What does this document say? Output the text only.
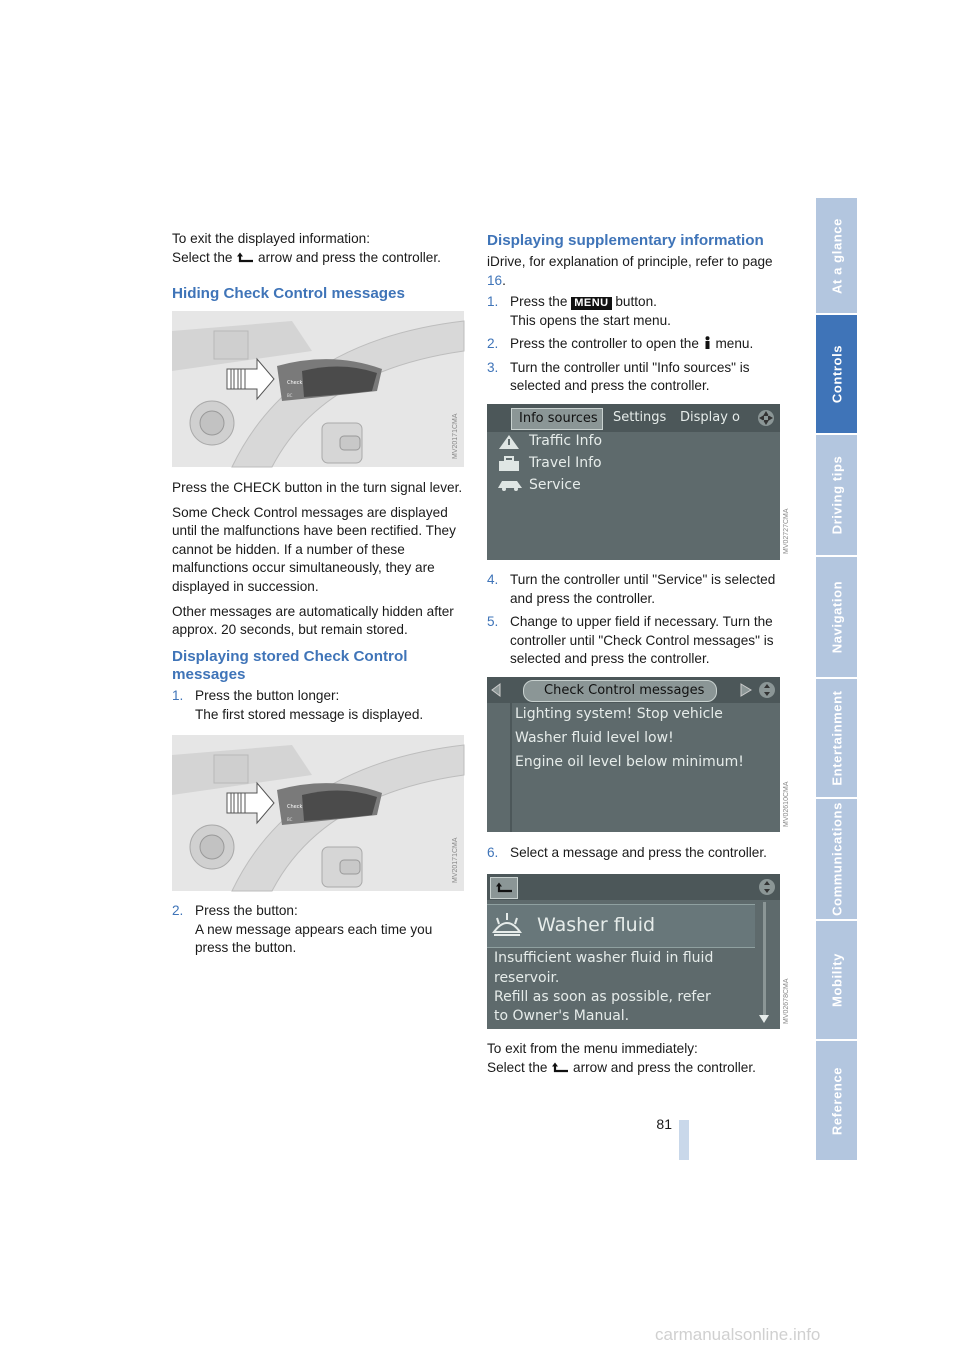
At a glance
Controls
Driving tips
Navigation
Entertainment
Communications
Mobility
Reference

To exit the displayed information:
Select the arrow and press the controller.

Hiding Check Control messages
Check
BC
MV20171CMA

Press the CHECK button in the turn signal lever.

Some Check Control messages are displayed until the malfunctions have been rectified. They cannot be hidden. If a number of these malfunctions occur simultaneously, they are displayed in succession.

Other messages are automatically hidden after approx. 20 seconds, but remain stored.

Displaying stored Check Control messages

1. Press the button longer:

The first stored message is displayed.

Check
BC
MV20171CMA

2. Press the button:

A new message appears each time you press the button.

Displaying supplementary information

iDrive, for explanation of principle, refer to page 16.

1. Press the MENU button.

This opens the start menu.

2. Press the controller to open the menu.

3. Turn the controller until "Info sources" is selected and press the controller.

Info sources Settings Display o
Traffic Info
Travel Info
Service
MV02727CMA

4. Turn the controller until "Service" is selected and press the controller.

5. Change to upper field if necessary. Turn the controller until "Check Control messages" is selected and press the controller.

Check Control messages
Lighting system! Stop vehicle
Washer fluid level low!
Engine oil level below minimum!
MV02610CMA

6. Select a message and press the controller.

Washer fluid
Insufficient washer fluid in fluid
reservoir.
Refill as soon as possible, refer
to Owner's Manual.	MV02678CMA

To exit from the menu immediately:
Select the arrow and press the controller.

81
carmanualsonline.info
